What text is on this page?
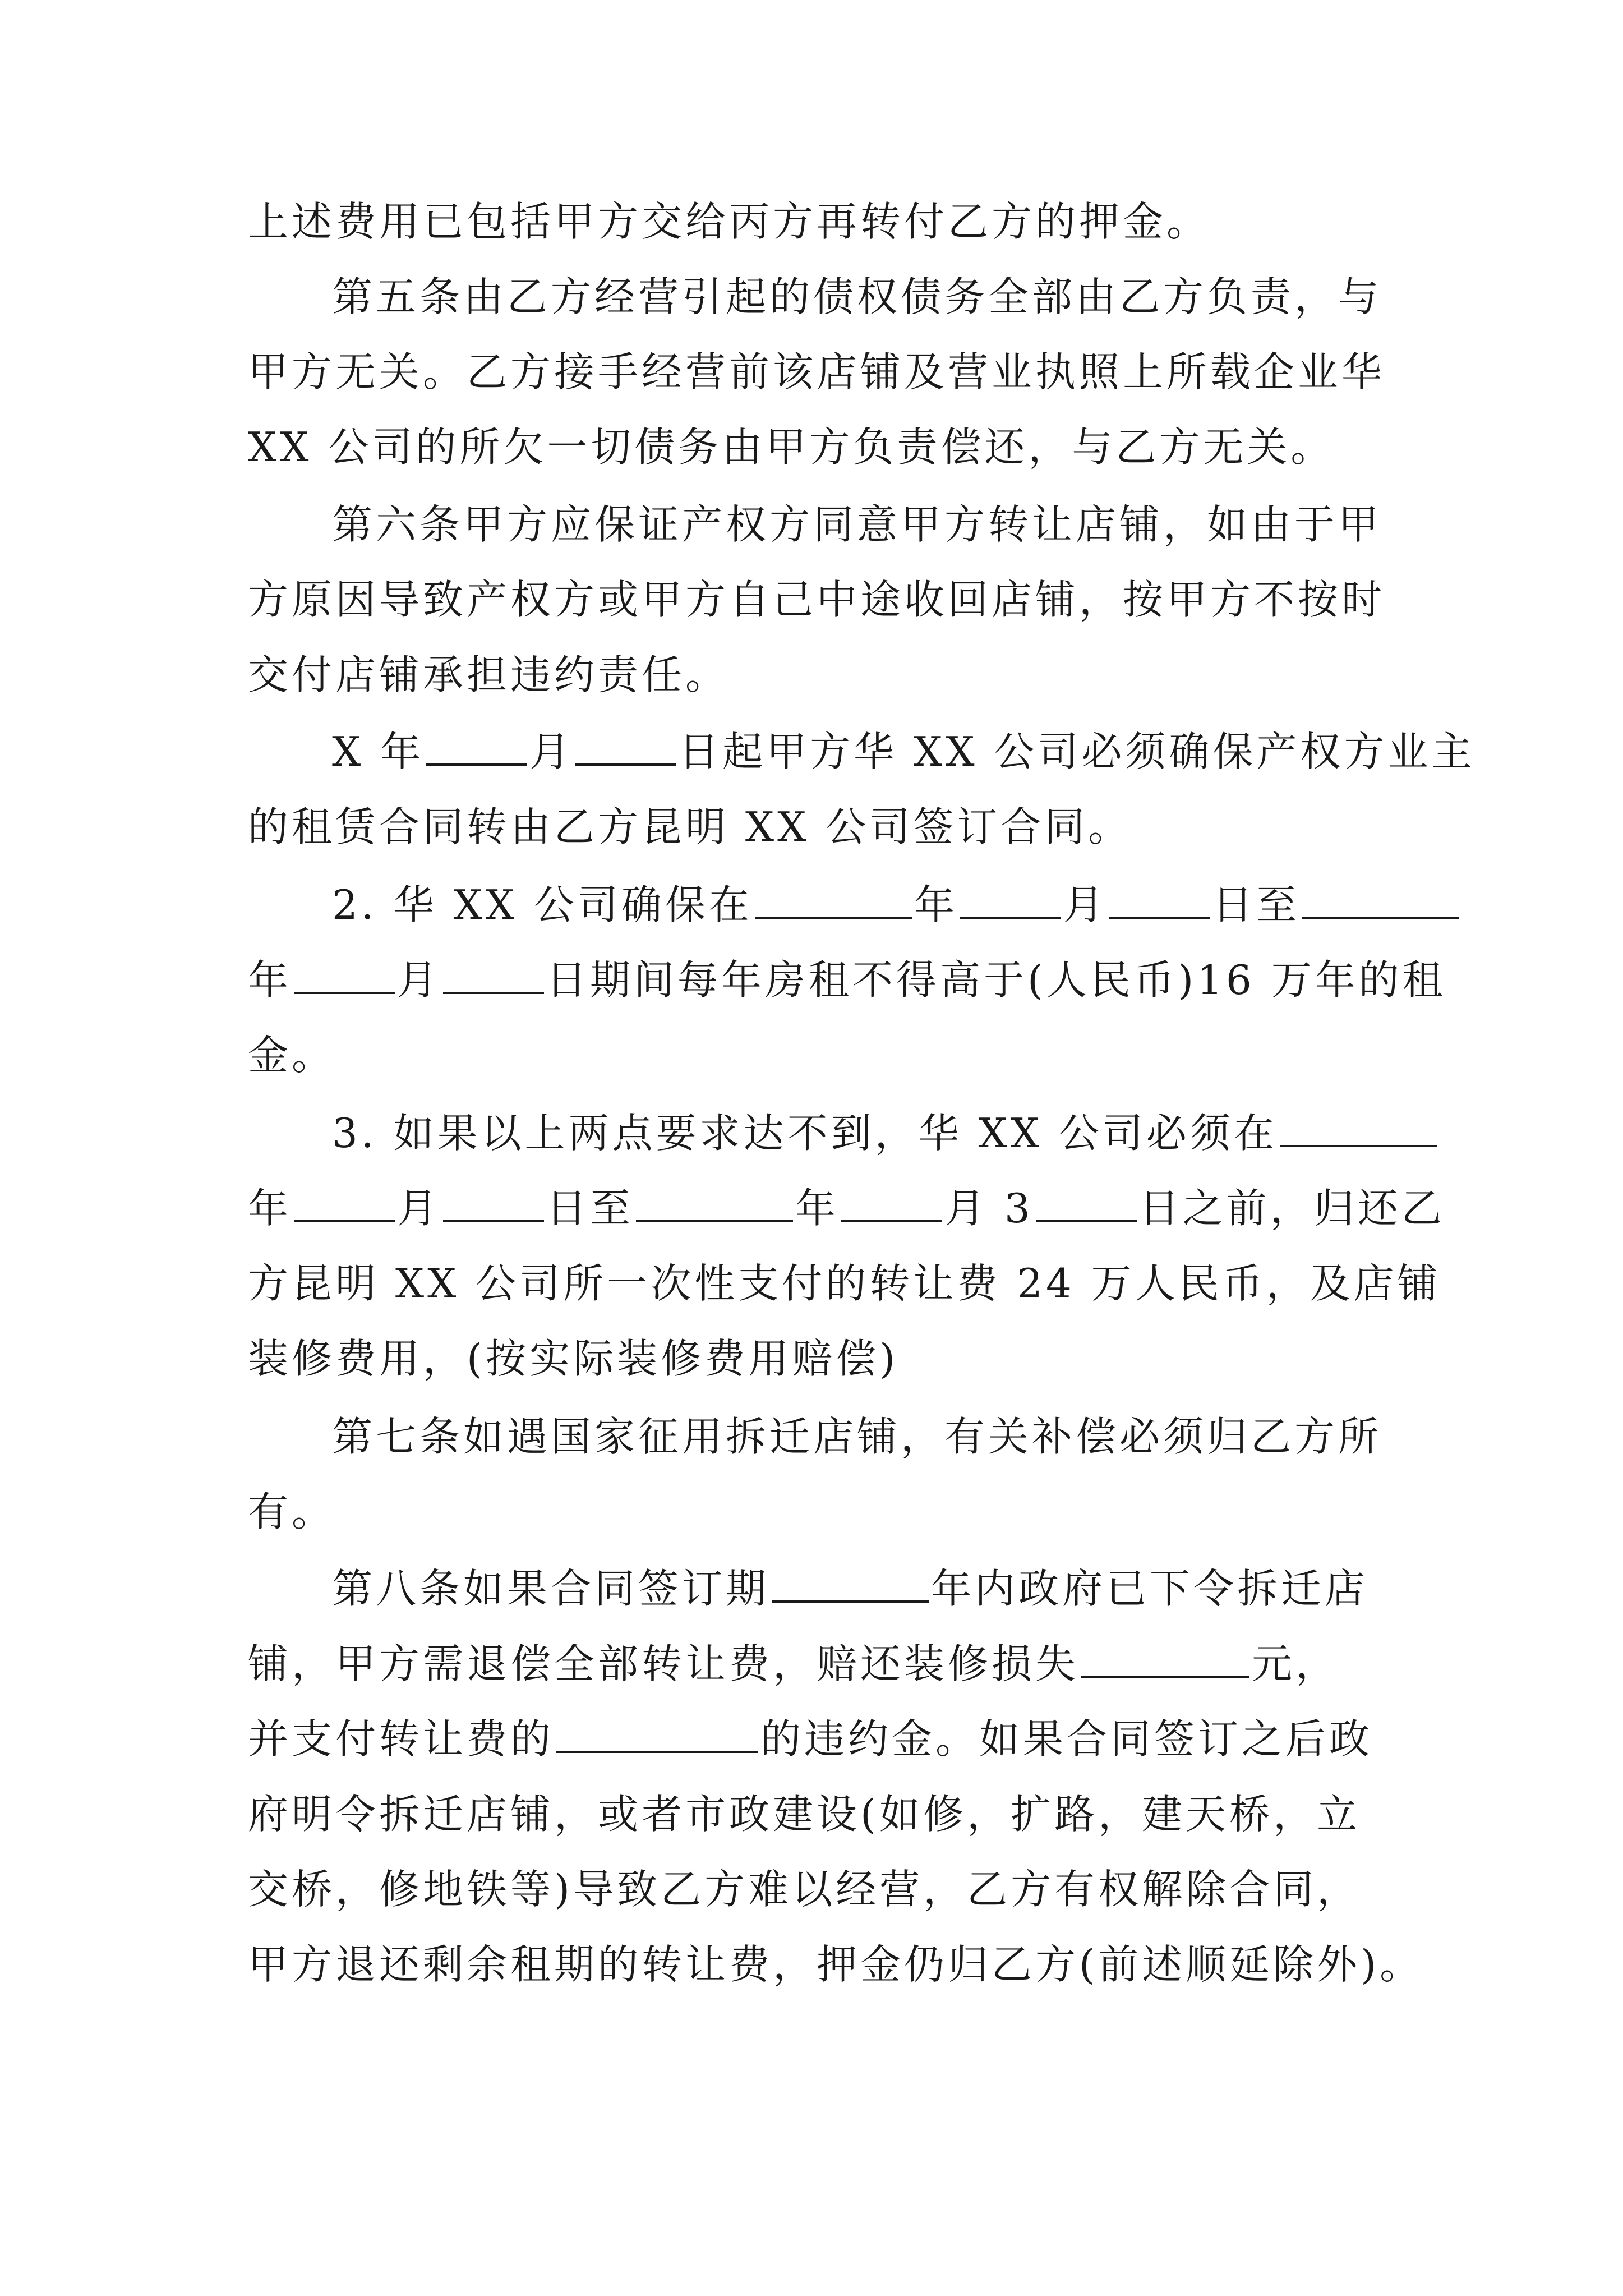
上述费用已包括甲方交给丙方再转付乙方的押金。
第五条由乙方经营引起的债权债务全部由乙方负责，与
甲方无关。乙方接手经营前该店铺及营业执照上所载企业华
XX 公司的所欠一切债务由甲方负责偿还，与乙方无关。
第六条甲方应保证产权方同意甲方转让店铺，如由于甲
方原因导致产权方或甲方自己中途收回店铺，按甲方不按时
交付店铺承担违约责任。
X 年	月	日起甲方华 XX 公司必须确保产权方业主
的租赁合同转由乙方昆明 XX 公司签订合同。
2. 华 XX 公司确保在	年	月	日至
年	月	日期间每年房租不得高于(人民币)16 万年的租
金。
3. 如果以上两点要求达不到，华 XX 公司必须在
年	月	日至	年	月 3	日之前，归还乙
方昆明 XX 公司所一次性支付的转让费 24 万人民币，及店铺
装修费用，(按实际装修费用赔偿)
第七条如遇国家征用拆迁店铺，有关补偿必须归乙方所
有。
第八条如果合同签订期	年内政府已下令拆迁店
铺，甲方需退偿全部转让费，赔还装修损失	元，
并支付转让费的	的违约金。如果合同签订之后政
府明令拆迁店铺，或者市政建设(如修，扩路，建天桥，立
交桥，修地铁等)导致乙方难以经营，乙方有权解除合同，
甲方退还剩余租期的转让费，押金仍归乙方(前述顺延除外)。
